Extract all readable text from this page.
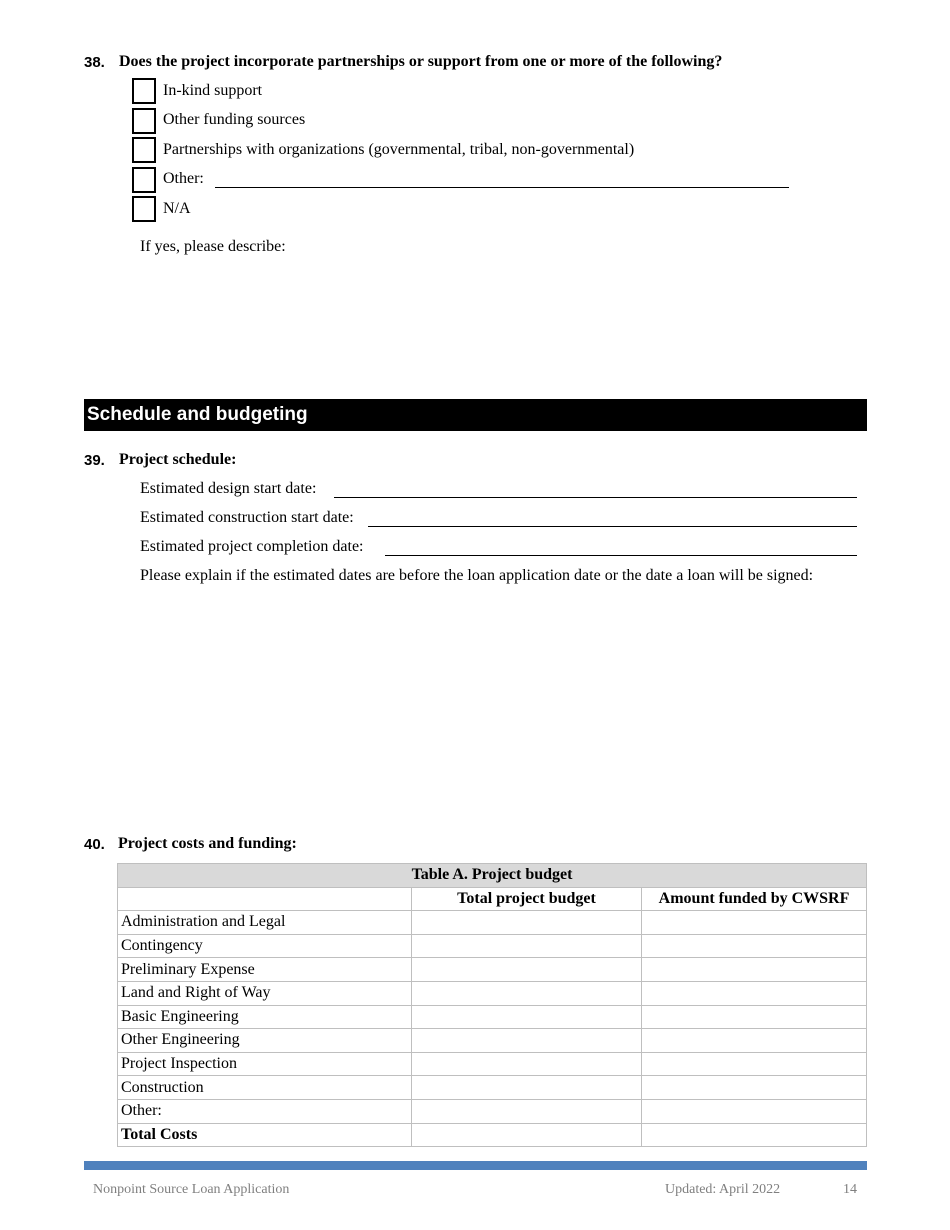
38. Does the project incorporate partnerships or support from one or more of the following?
In-kind support
Other funding sources
Partnerships with organizations (governmental, tribal, non-governmental)
Other:
N/A
If yes, please describe:
Schedule and budgeting
39. Project schedule:
Estimated design start date:
Estimated construction start date:
Estimated project completion date:
Please explain if the estimated dates are before the loan application date or the date a loan will be signed:
40. Project costs and funding:
Table A. Project budget		
	Total project budget	Amount funded by CWSRF
Administration and Legal		
Contingency		
Preliminary Expense		
Land and Right of Way		
Basic Engineering		
Other Engineering		
Project Inspection		
Construction		
Other:		
Total Costs		
Nonpoint Source Loan Application	Updated: April 2022	14
